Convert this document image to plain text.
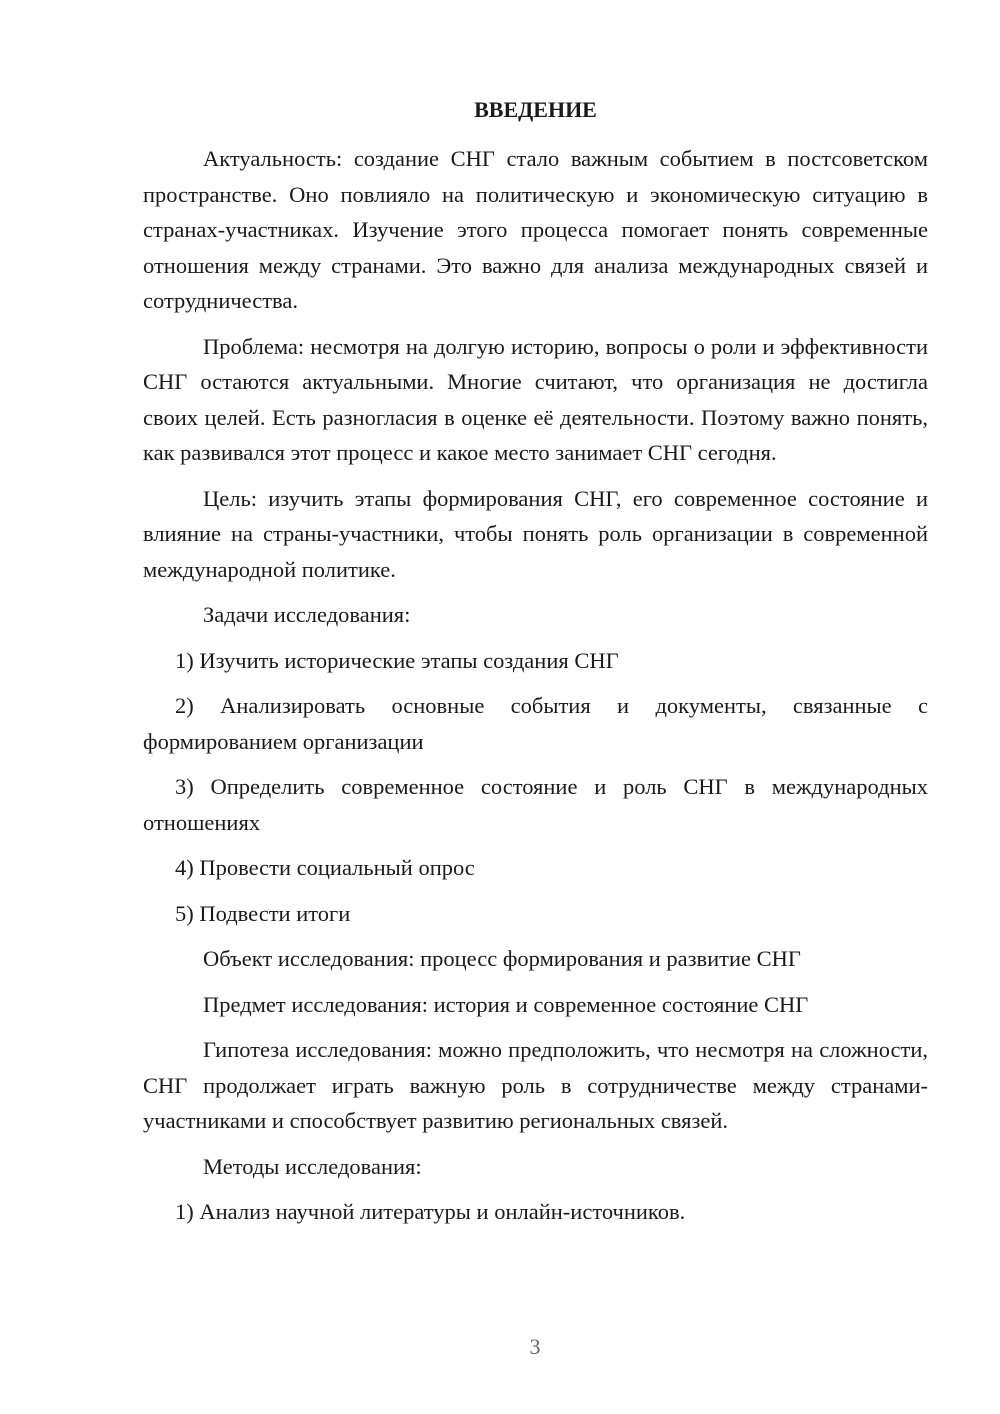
ВВЕДЕНИЕ

Актуальность: создание СНГ стало важным событием в постсоветском пространстве. Оно повлияло на политическую и экономическую ситуацию в странах-участниках. Изучение этого процесса помогает понять современные отношения между странами. Это важно для анализа международных связей и сотрудничества.

Проблема: несмотря на долгую историю, вопросы о роли и эффективности СНГ остаются актуальными. Многие считают, что организация не достигла своих целей. Есть разногласия в оценке её деятельности. Поэтому важно понять, как развивался этот процесс и какое место занимает СНГ сегодня.

Цель: изучить этапы формирования СНГ, его современное состояние и влияние на страны-участники, чтобы понять роль организации в современной международной политике.

Задачи исследования:

1) Изучить исторические этапы создания СНГ

2) Анализировать основные события и документы, связанные с формированием организации

3) Определить современное состояние и роль СНГ в международных отношениях

4) Провести социальный опрос

5) Подвести итоги

Объект исследования: процесс формирования и развитие СНГ

Предмет исследования: история и современное состояние СНГ

Гипотеза исследования: можно предположить, что несмотря на сложности, СНГ продолжает играть важную роль в сотрудничестве между странами-участниками и способствует развитию региональных связей.

Методы исследования:

1) Анализ научной литературы и онлайн-источников.

3
